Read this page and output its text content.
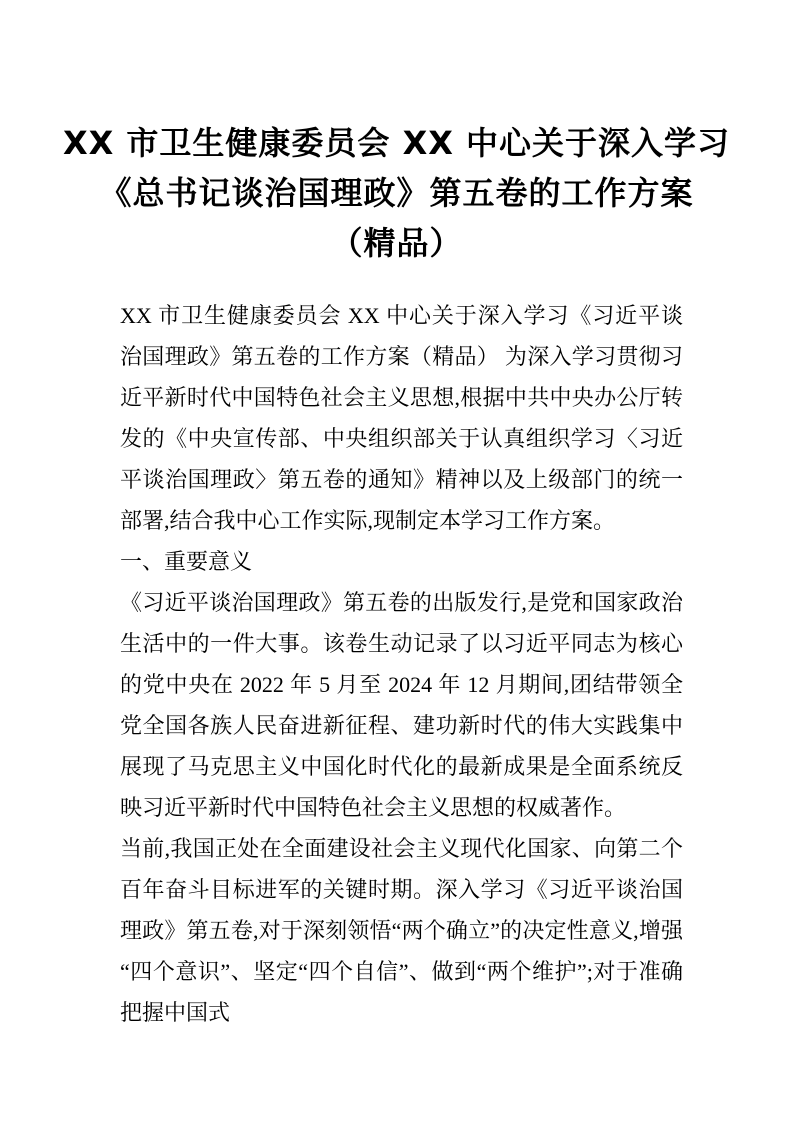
XX 市卫生健康委员会 XX 中心关于深入学习
《总书记谈治国理政》第五卷的工作方案
（精品）

XX 市卫生健康委员会 XX 中心关于深入学习《习近平谈治国理政》第五卷的工作方案（精品） 为深入学习贯彻习近平新时代中国特色社会主义思想,根据中共中央办公厅转发的《中央宣传部、中央组织部关于认真组织学习〈习近平谈治国理政〉第五卷的通知》精神以及上级部门的统一部署,结合我中心工作实际,现制定本学习工作方案。

一、重要意义

《习近平谈治国理政》第五卷的出版发行,是党和国家政治生活中的一件大事。该卷生动记录了以习近平同志为核心的党中央在 2022 年 5 月至 2024 年 12 月期间,团结带领全党全国各族人民奋进新征程、建功新时代的伟大实践集中展现了马克思主义中国化时代化的最新成果是全面系统反映习近平新时代中国特色社会主义思想的权威著作。

当前,我国正处在全面建设社会主义现代化国家、向第二个百年奋斗目标进军的关键时期。深入学习《习近平谈治国理政》第五卷,对于深刻领悟“两个确立”的决定性意义,增强“四个意识”、坚定“四个自信”、做到“两个维护”;对于准确把握中国式
